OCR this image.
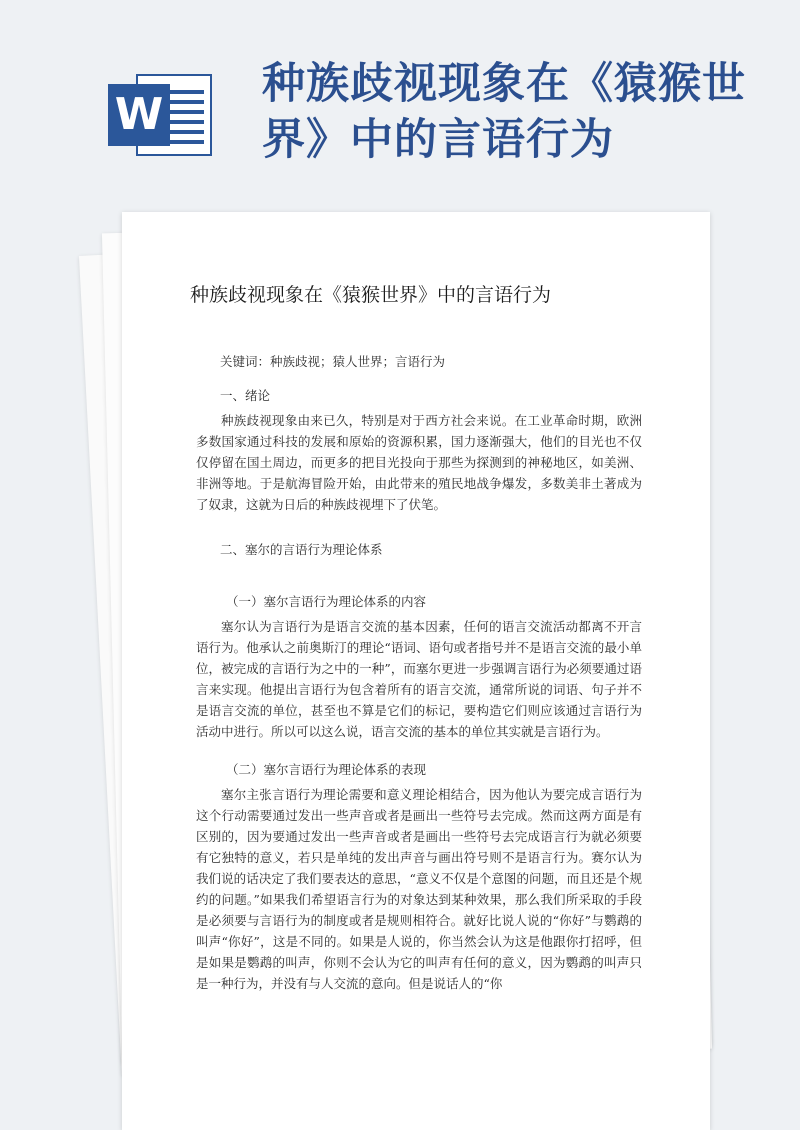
W
种族歧视现象在《猿猴世界》中的言语行为
种族歧视现象在《猿猴世界》中的言语行为

关键词：种族歧视；猿人世界；言语行为

一、绪论

种族歧视现象由来已久，特别是对于西方社会来说。在工业革命时期，欧洲多数国家通过科技的发展和原始的资源积累，国力逐渐强大，他们的目光也不仅仅停留在国土周边，而更多的把目光投向于那些为探测到的神秘地区，如美洲、非洲等地。于是航海冒险开始，由此带来的殖民地战争爆发，多数美非土著成为了奴隶，这就为日后的种族歧视埋下了伏笔。

二、塞尔的言语行为理论体系
（一）塞尔言语行为理论体系的内容

塞尔认为言语行为是语言交流的基本因素，任何的语言交流活动都离不开言语行为。他承认之前奥斯汀的理论“语词、语句或者指号并不是语言交流的最小单位，被完成的言语行为之中的一种”，而塞尔更进一步强调言语行为必须要通过语言来实现。他提出言语行为包含着所有的语言交流，通常所说的词语、句子并不是语言交流的单位，甚至也不算是它们的标记，要构造它们则应该通过言语行为活动中进行。所以可以这么说，语言交流的基本的单位其实就是言语行为。

（二）塞尔言语行为理论体系的表现

塞尔主张言语行为理论需要和意义理论相结合，因为他认为要完成言语行为这个行动需要通过发出一些声音或者是画出一些符号去完成。然而这两方面是有区别的，因为要通过发出一些声音或者是画出一些符号去完成语言行为就必须要有它独特的意义，若只是单纯的发出声音与画出符号则不是语言行为。赛尔认为我们说的话决定了我们要表达的意思，“意义不仅是个意图的问题，而且还是个规约的问题。”如果我们希望语言行为的对象达到某种效果，那么我们所采取的手段是必须要与言语行为的制度或者是规则相符合。就好比说人说的“你好”与鹦鹉的叫声“你好”，这是不同的。如果是人说的，你当然会认为这是他跟你打招呼，但是如果是鹦鹉的叫声，你则不会认为它的叫声有任何的意义，因为鹦鹉的叫声只是一种行为，并没有与人交流的意向。但是说话人的“你
